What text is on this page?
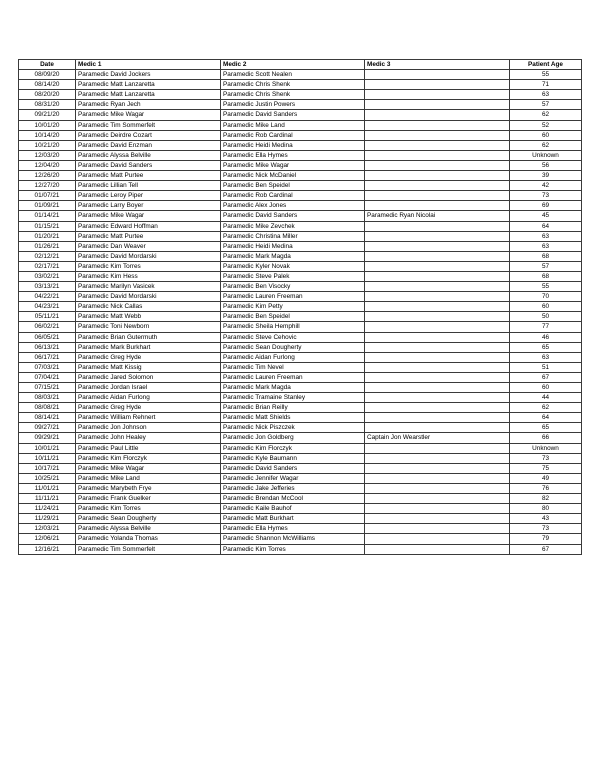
Date	Medic 1	Medic 2	Medic 3	Patient Age
08/09/20	Paramedic David Jockers	Paramedic Scott Nealen		55
08/14/20	Paramedic Matt Lanzaretta	Paramedic Chris Shenk		71
08/20/20	Paramedic Matt Lanzaretta	Paramedic Chris Shenk		63
08/31/20	Paramedic Ryan Jech	Paramedic Justin Powers		57
09/21/20	Paramedic Mike Wagar	Paramedic David Sanders		62
10/01/20	Paramedic Tim Sommerfelt	Paramedic Mike Land		52
10/14/20	Paramedic Deirdre Cozart	Paramedic Rob Cardinal		60
10/21/20	Paramedic David Enzman	Paramedic Heidi Medina		62
12/03/20	Paramedic Alyssa Belville	Paramedic Ella Hymes		Unknown
12/04/20	Paramedic David Sanders	Paramedic Mike Wagar		56
12/26/20	Paramedic Matt Purtee	Paramedic Nick McDaniel		39
12/27/20	Paramedic Lillian Tell	Paramedic Ben Speidel		42
01/07/21	Paramedic Leroy Piper	Paramedic Rob Cardinal		73
01/09/21	Paramedic Larry Boyer	Paramedic Alex Jones		69
01/14/21	Paramedic Mike Wagar	Paramedic David Sanders	Paramedic Ryan Nicolai	45
01/15/21	Paramedic Edward Hoffman	Paramedic Mike Zevchek		64
01/20/21	Paramedic Matt Purtee	Paramedic Christina Miller		63
01/26/21	Paramedic Dan Weaver	Paramedic Heidi Medina		63
02/12/21	Paramedic David Mordarski	Paramedic Mark Magda		68
02/17/21	Paramedic Kim Torres	Paramedic Kyler Novak		57
03/02/21	Paramedic Kim Hess	Paramedic Steve Palek		68
03/13/21	Paramedic Marilyn Vasicek	Paramedic Ben Visocky		55
04/22/21	Paramedic David Mordarski	Paramedic Lauren Freeman		70
04/23/21	Paramedic Nick Callas	Paramedic Kim Petty		60
05/11/21	Paramedic Matt Webb	Paramedic Ben Speidel		50
06/02/21	Paramedic Toni Newborn	Paramedic Sheila Hemphill		77
06/05/21	Paramedic Brian Gutermuth	Paramedic Steve Cehovic		46
06/13/21	Paramedic Mark Burkhart	Paramedic Sean Dougherty		65
06/17/21	Paramedic Greg Hyde	Paramedic Aidan Furlong		63
07/03/21	Paramedic Matt Kissig	Paramedic Tim Nevel		51
07/04/21	Paramedic Jared Solomon	Paramedic Lauren Freeman		67
07/15/21	Paramedic Jordan Israel	Paramedic Mark Magda		60
08/03/21	Paramedic Aidan Furlong	Paramedic Tramaine Stanley		44
08/08/21	Paramedic Greg Hyde	Paramedic Brian Reilly		62
08/14/21	Paramedic William Rehnert	Paramedic Matt Shields		64
09/27/21	Paramedic Jon Johnson	Paramedic Nick Piszczek		65
09/29/21	Paramedic John Healey	Paramedic Jon Goldberg	Captain Jon Wearstler	66
10/01/21	Paramedic Paul Little	Paramedic Kim Florczyk		Unknown
10/11/21	Paramedic Kim Florczyk	Paramedic Kyle Baumann		73
10/17/21	Paramedic Mike Wagar	Paramedic David Sanders		75
10/25/21	Paramedic Mike Land	Paramedic Jennifer Wagar		49
11/01/21	Paramedic Marybeth Frye	Paramedic Jake Jefferies		76
11/11/21	Paramedic Frank Guelker	Paramedic Brendan McCool		82
11/24/21	Paramedic Kim Torres	Paramedic Kaile Bauhof		80
11/29/21	Paramedic Sean Dougherty	Paramedic Matt Burkhart		43
12/03/21	Paramedic Alyssa Belville	Paramedic Ella Hymes		73
12/06/21	Paramedic Yolanda Thomas	Paramedic Shannon McWilliams		79
12/16/21	Paramedic Tim Sommerfelt	Paramedic Kim Torres		67
